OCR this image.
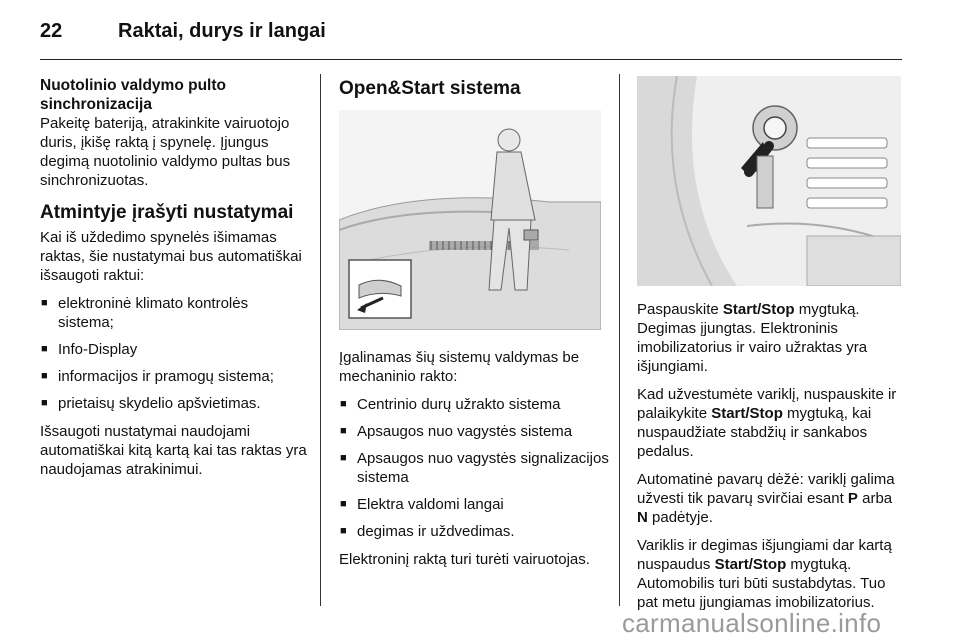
22	Raktai, durys ir langai
Nuotolinio valdymo pulto sinchronizacija

Pakeitę bateriją, atrakinkite vairuotojo duris, įkišę raktą į spynelę. Įjungus degimą nuotolinio valdymo pultas bus sinchronizuotas.

Atmintyje įrašyti nustatymai

Kai iš uždedimo spynelės išimamas raktas, šie nustatymai bus automatiškai išsaugoti raktui:

■ elektroninė klimato kontrolės sistema;
■ Info-Display
■ informacijos ir pramogų sistema;
■ prietaisų skydelio apšvietimas.

Išsaugoti nustatymai naudojami automatiškai kitą kartą kai tas raktas yra naudojamas atrakinimui.

Open&Start sistema

Įgalinamas šių sistemų valdymas be mechaninio rakto:

■ Centrinio durų užrakto sistema
■ Apsaugos nuo vagystės sistema
■ Apsaugos nuo vagystės signalizacijos sistema
■ Elektra valdomi langai
■ degimas ir uždvedimas.

Elektroninį raktą turi turėti vairuotojas.

Paspauskite Start/Stop mygtuką. Degimas įjungtas. Elektroninis imobilizatorius ir vairo užraktas yra išjungiami.

Kad užvestumėte variklį, nuspauskite ir palaikykite Start/Stop mygtuką, kai nuspaudžiate stabdžių ir sankabos pedalus.

Automatinė pavarų dėžė: variklį galima užvesti tik pavarų svirčiai esant P arba N padėtyje.

Variklis ir degimas išjungiami dar kartą nuspaudus Start/Stop mygtuką. Automobilis turi būti sustabdytas. Tuo pat metu įjungiamas imobilizatorius.

carmanualsonline.info
